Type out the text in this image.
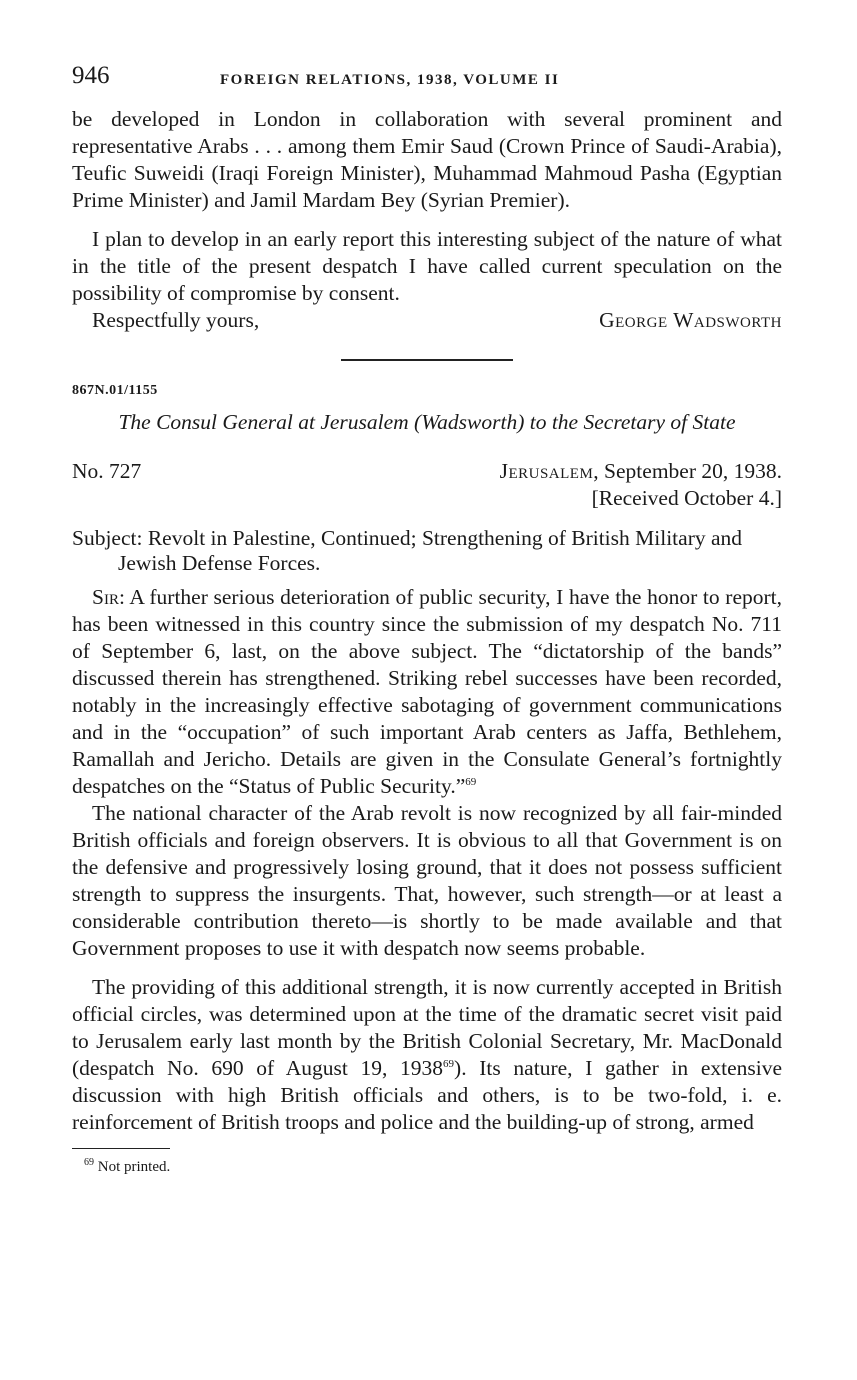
946	FOREIGN RELATIONS, 1938, VOLUME II

be developed in London in collaboration with several prominent and representative Arabs . . . among them Emir Saud (Crown Prince of Saudi-Arabia), Teufic Suweidi (Iraqi Foreign Minister), Muhammad Mahmoud Pasha (Egyptian Prime Minister) and Jamil Mardam Bey (Syrian Premier).

I plan to develop in an early report this interesting subject of the nature of what in the title of the present despatch I have called current speculation on the possibility of compromise by consent.

Respectfully yours,	George Wadsworth
867N.01/1155

The Consul General at Jerusalem (Wadsworth) to the Secretary of State

No. 727	Jerusalem, September 20, 1938.
[Received October 4.]

Subject: Revolt in Palestine, Continued; Strengthening of British Military and Jewish Defense Forces.

Sir: A further serious deterioration of public security, I have the honor to report, has been witnessed in this country since the submission of my despatch No. 711 of September 6, last, on the above subject. The “dictatorship of the bands” discussed therein has strengthened. Striking rebel successes have been recorded, notably in the increasingly effective sabotaging of government communications and in the “occupation” of such important Arab centers as Jaffa, Bethlehem, Ramallah and Jericho. Details are given in the Consulate General’s fortnightly despatches on the “Status of Public Security.”$^{69}$

The national character of the Arab revolt is now recognized by all fair-minded British officials and foreign observers. It is obvious to all that Government is on the defensive and progressively losing ground, that it does not possess sufficient strength to suppress the insurgents. That, however, such strength—or at least a considerable contribution thereto—is shortly to be made available and that Government proposes to use it with despatch now seems probable.

The providing of this additional strength, it is now currently accepted in British official circles, was determined upon at the time of the dramatic secret visit paid to Jerusalem early last month by the British Colonial Secretary, Mr. MacDonald (despatch No. 690 of August 19, 1938$^{69}$). Its nature, I gather in extensive discussion with high British officials and others, is to be two-fold, i. e. reinforcement of British troops and police and the building-up of strong, armed

$^{69}$ Not printed.
